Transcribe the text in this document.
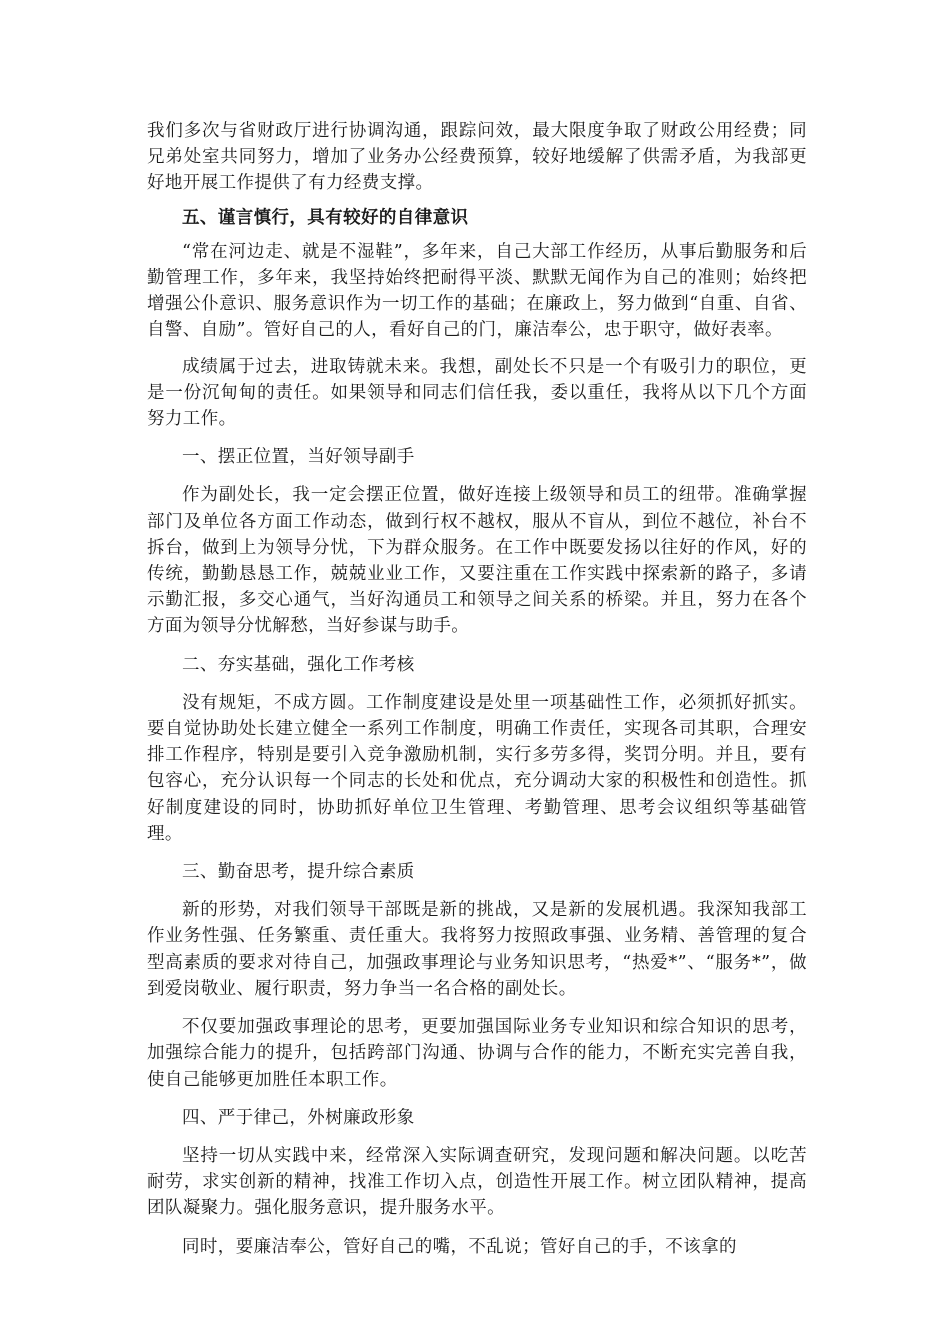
我们多次与省财政厅进行协调沟通，跟踪问效，最大限度争取了财政公用经费；同兄弟处室共同努力，增加了业务办公经费预算，较好地缓解了供需矛盾，为我部更好地开展工作提供了有力经费支撑。

五、谨言慎行，具有较好的自律意识

“常在河边走、就是不湿鞋”，多年来，自己大部工作经历，从事后勤服务和后勤管理工作，多年来，我坚持始终把耐得平淡、默默无闻作为自己的准则；始终把增强公仆意识、服务意识作为一切工作的基础；在廉政上，努力做到“自重、自省、自警、自励”。管好自己的人，看好自己的门，廉洁奉公，忠于职守，做好表率。

成绩属于过去，进取铸就未来。我想，副处长不只是一个有吸引力的职位，更是一份沉甸甸的责任。如果领导和同志们信任我，委以重任，我将从以下几个方面努力工作。

一、摆正位置，当好领导副手

作为副处长，我一定会摆正位置，做好连接上级领导和员工的纽带。准确掌握部门及单位各方面工作动态，做到行权不越权，服从不盲从，到位不越位，补台不拆台，做到上为领导分忧，下为群众服务。在工作中既要发扬以往好的作风，好的传统，勤勤恳恳工作，兢兢业业工作，又要注重在工作实践中探索新的路子，多请示勤汇报，多交心通气，当好沟通员工和领导之间关系的桥梁。并且，努力在各个方面为领导分忧解愁，当好参谋与助手。

二、夯实基础，强化工作考核

没有规矩，不成方圆。工作制度建设是处里一项基础性工作，必须抓好抓实。要自觉协助处长建立健全一系列工作制度，明确工作责任，实现各司其职，合理安排工作程序，特别是要引入竞争激励机制，实行多劳多得，奖罚分明。并且，要有包容心，充分认识每一个同志的长处和优点，充分调动大家的积极性和创造性。抓好制度建设的同时，协助抓好单位卫生管理、考勤管理、思考会议组织等基础管理。

三、勤奋思考，提升综合素质

新的形势，对我们领导干部既是新的挑战，又是新的发展机遇。我深知我部工作业务性强、任务繁重、责任重大。我将努力按照政事强、业务精、善管理的复合型高素质的要求对待自己，加强政事理论与业务知识思考，“热爱*”、“服务*”，做到爱岗敬业、履行职责，努力争当一名合格的副处长。

不仅要加强政事理论的思考，更要加强国际业务专业知识和综合知识的思考，加强综合能力的提升，包括跨部门沟通、协调与合作的能力，不断充实完善自我，使自己能够更加胜任本职工作。

四、严于律己，外树廉政形象

坚持一切从实践中来，经常深入实际调查研究，发现问题和解决问题。以吃苦耐劳，求实创新的精神，找准工作切入点，创造性开展工作。树立团队精神，提高团队凝聚力。强化服务意识，提升服务水平。

同时，要廉洁奉公，管好自己的嘴，不乱说；管好自己的手，不该拿的
